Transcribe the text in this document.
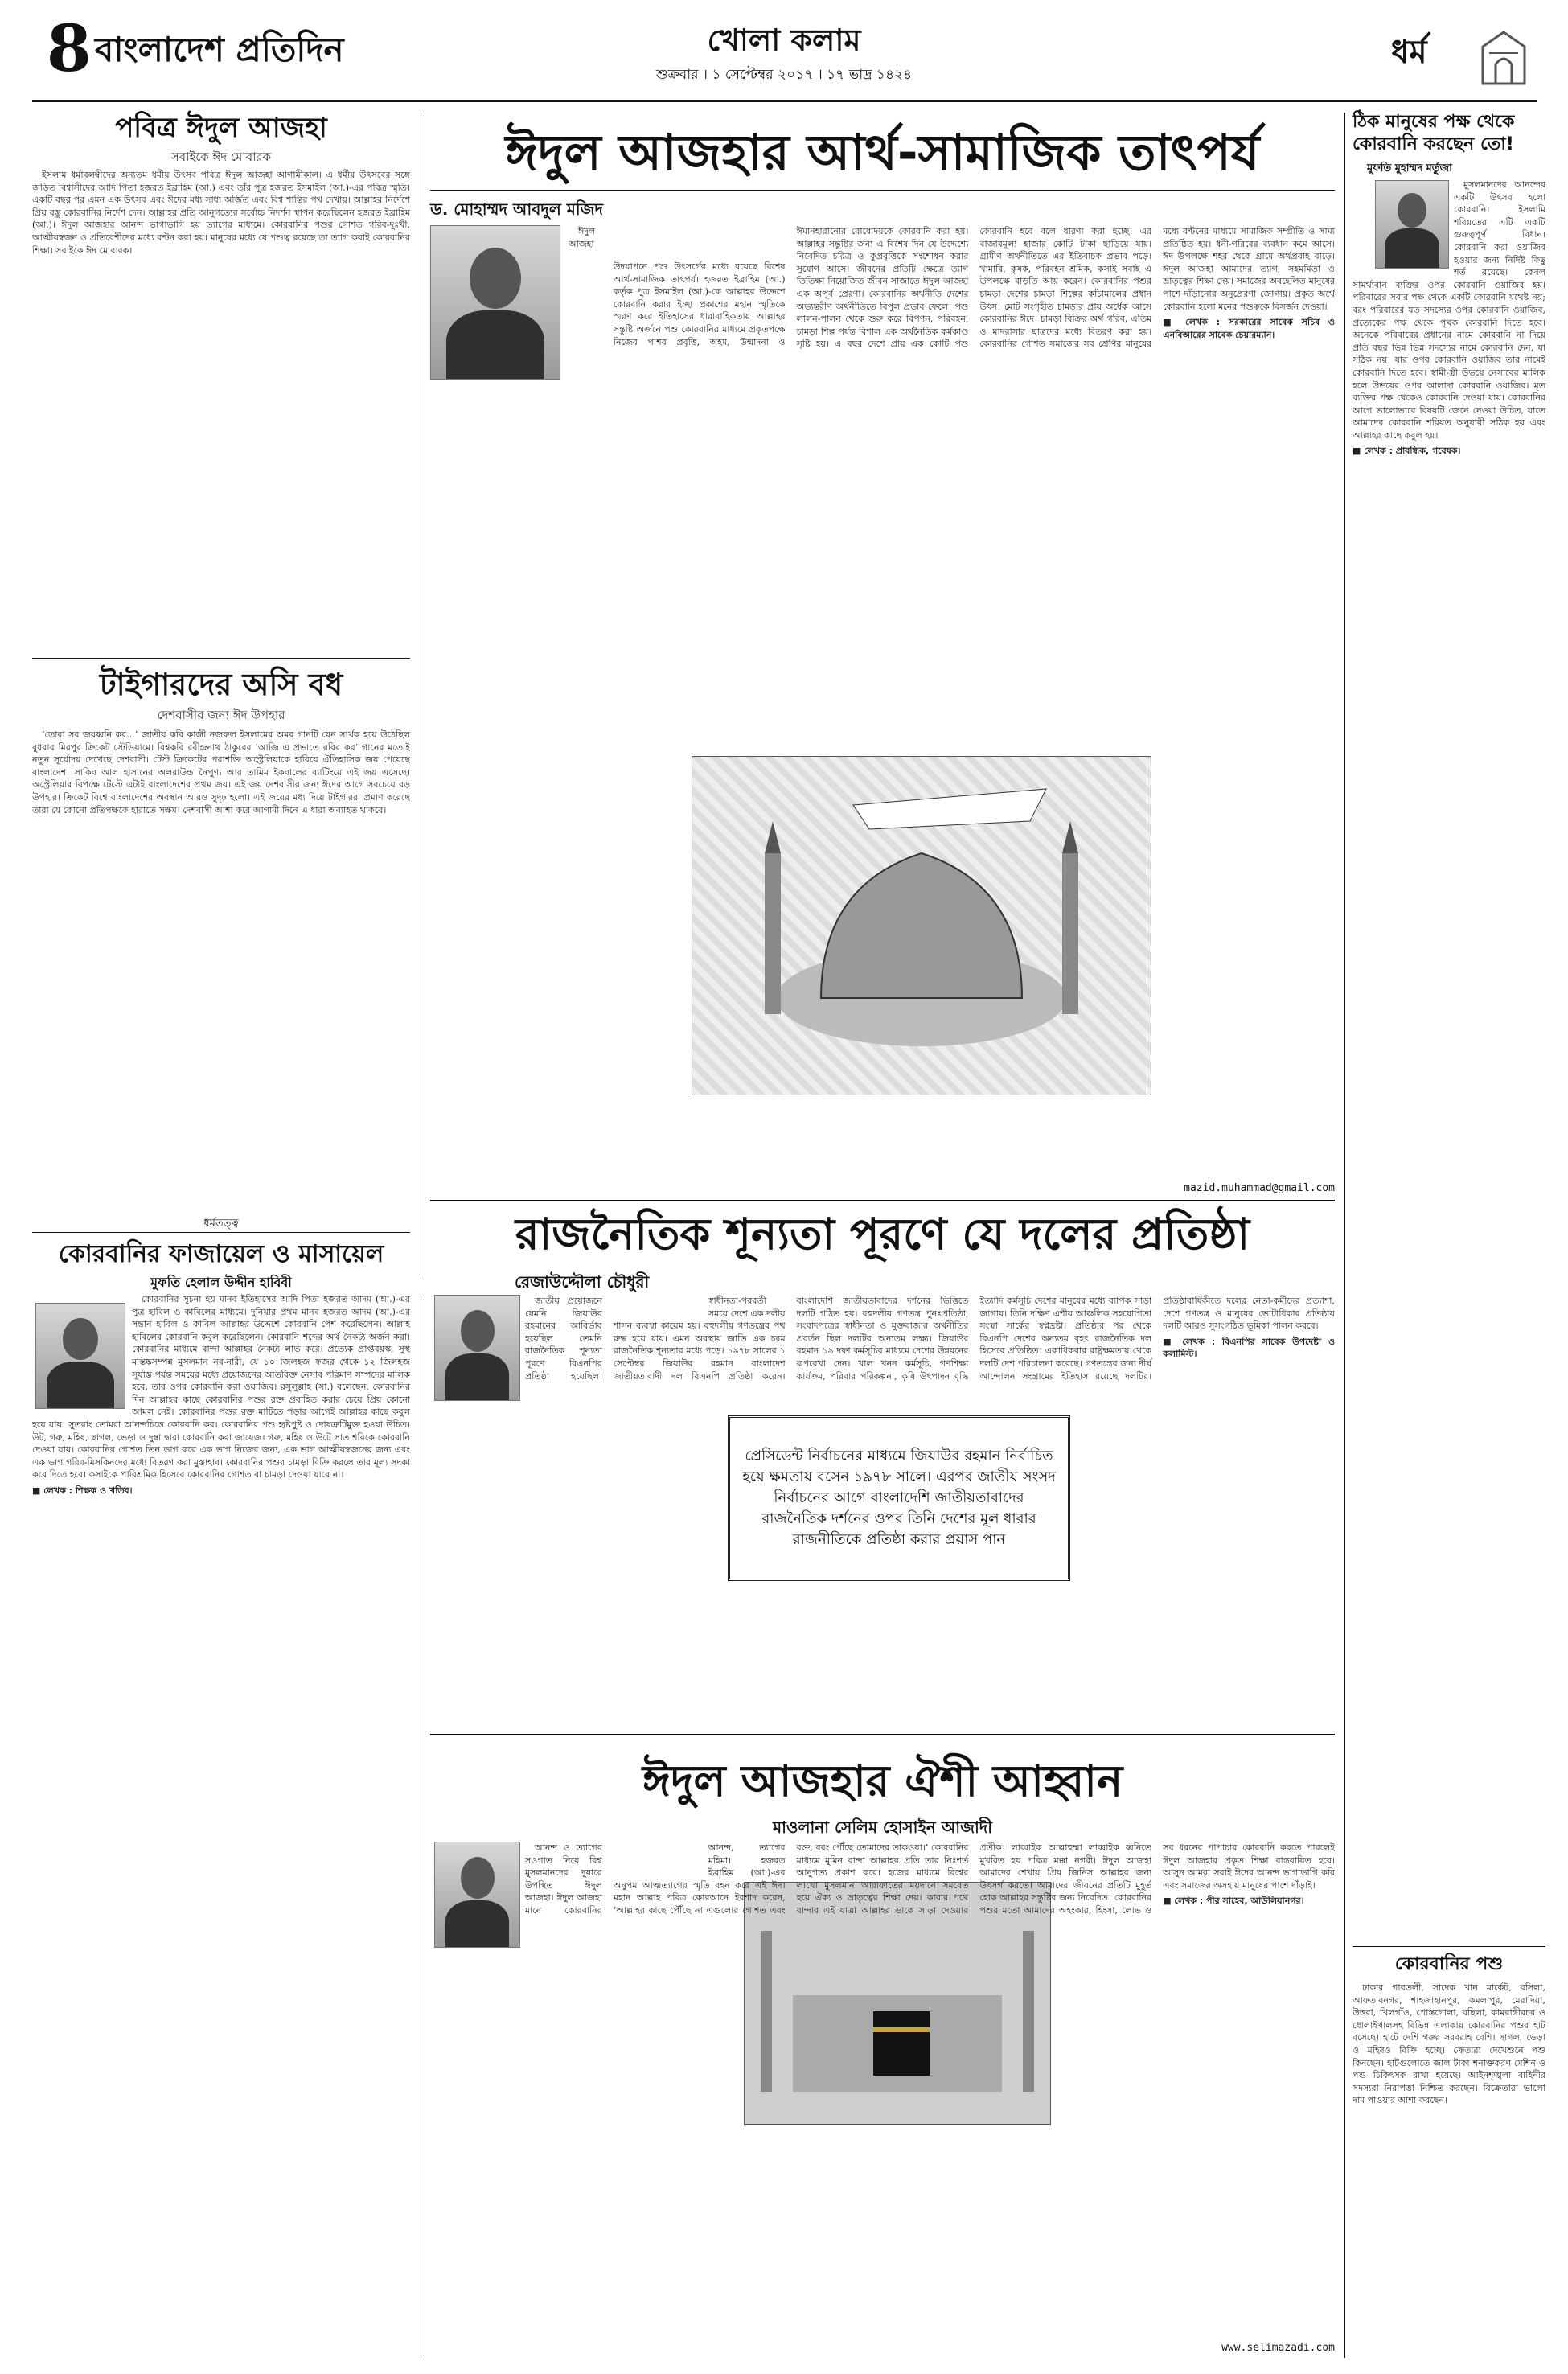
8 বাংলাদেশ প্রতিদিন	খোলা কলাম
শুক্রবার । ১ সেপ্টেম্বর ২০১৭ । ১৭ ভাদ্র ১৪২৪
ধর্ম
পবিত্র ঈদুল আজহা
সবাইকে ঈদ মোবারক

ইসলাম ধর্মাবলম্বীদের অন্যতম ধর্মীয় উৎসব পবিত্র ঈদুল আজহা আগামীকাল। এ ধর্মীয় উৎসবের সঙ্গে জড়িত বিশ্বাসীদের আদি পিতা হজরত ইব্রাহিম (আ.) এবং তাঁর পুত্র হজরত ইসমাইল (আ.)-এর পবিত্র স্মৃতি। একটি বছর পর এমন এক উৎসব এবং ঈদের মধ্য সাধ্য অর্জিত এবং বিশ্ব শান্তির পথ দেখায়। আল্লাহর নির্দেশে প্রিয় বস্তু কোরবানির নির্দেশ দেন। আল্লাহর প্রতি আনুগত্যের সর্বোচ্চ নিদর্শন স্থাপন করেছিলেন হজরত ইব্রাহিম (আ.)। ঈদুল আজহার আনন্দ ভাগাভাগি হয় ত্যাগের মাধ্যমে। কোরবানির পশুর গোশত গরিব-দুঃখী, আত্মীয়স্বজন ও প্রতিবেশীদের মধ্যে বণ্টন করা হয়। মানুষের মধ্যে যে পশুত্ব রয়েছে তা ত্যাগ করাই কোরবানির শিক্ষা। সবাইকে ঈদ মোবারক।

টাইগারদের অসি বধ
দেশবাসীর জন্য ঈদ উপহার

‘তোরা সব জয়ধ্বনি কর...’ জাতীয় কবি কাজী নজরুল ইসলামের অমর গানটি যেন সার্থক হয়ে উঠেছিল বুধবার মিরপুর ক্রিকেট স্টেডিয়ামে। বিশ্বকবি রবীন্দ্রনাথ ঠাকুরের ‘আজি এ প্রভাতে রবির কর’ গানের মতোই নতুন সূর্যোদয় দেখেছে দেশবাসী। টেস্ট ক্রিকেটের পরাশক্তি অস্ট্রেলিয়াকে হারিয়ে ঐতিহাসিক জয় পেয়েছে বাংলাদেশ। সাকিব আল হাসানের অলরাউন্ড নৈপুণ্য আর তামিম ইকবালের ব্যাটিংয়ে এই জয় এসেছে। অস্ট্রেলিয়ার বিপক্ষে টেস্টে এটাই বাংলাদেশের প্রথম জয়। এই জয় দেশবাসীর জন্য ঈদের আগে সবচেয়ে বড় উপহার। ক্রিকেট বিশ্বে বাংলাদেশের অবস্থান আরও সুদৃঢ় হলো। এই জয়ের মধ্য দিয়ে টাইগাররা প্রমাণ করেছে তারা যে কোনো প্রতিপক্ষকে হারাতে সক্ষম। দেশবাসী আশা করে আগামী দিনে এ ধারা অব্যাহত থাকবে।

ধর্মতত্ত্ব
কোরবানির ফাজায়েল ও মাসায়েল
মুফতি হেলাল উদ্দীন হাবিবী

কোরবানির সূচনা হয় মানব ইতিহাসের আদি পিতা হজরত আদম (আ.)-এর পুত্র হাবিল ও কাবিলের মাধ্যমে। দুনিয়ার প্রথম মানব হজরত আদম (আ.)-এর সন্তান হাবিল ও কাবিল আল্লাহর উদ্দেশে কোরবানি পেশ করেছিলেন। আল্লাহ হাবিলের কোরবানি কবুল করেছিলেন। কোরবানি শব্দের অর্থ নৈকট্য অর্জন করা। কোরবানির মাধ্যমে বান্দা আল্লাহর নৈকট্য লাভ করে। প্রত্যেক প্রাপ্তবয়স্ক, সুস্থ মস্তিষ্কসম্পন্ন মুসলমান নর-নারী, যে ১০ জিলহজ ফজর থেকে ১২ জিলহজ সূর্যাস্ত পর্যন্ত সময়ের মধ্যে প্রয়োজনের অতিরিক্ত নেসাব পরিমাণ সম্পদের মালিক হবে, তার ওপর কোরবানি করা ওয়াজিব। রসুলুল্লাহ (সা.) বলেছেন, কোরবানির দিন আল্লাহর কাছে কোরবানির পশুর রক্ত প্রবাহিত করার চেয়ে প্রিয় কোনো আমল নেই। কোরবানির পশুর রক্ত মাটিতে পড়ার আগেই আল্লাহর কাছে কবুল হয়ে যায়। সুতরাং তোমরা আনন্দচিত্তে কোরবানি কর। কোরবানির পশু হৃষ্টপুষ্ট ও দোষত্রুটিমুক্ত হওয়া উচিত। উট, গরু, মহিষ, ছাগল, ভেড়া ও দুম্বা দ্বারা কোরবানি করা জায়েজ। গরু, মহিষ ও উটে সাত শরিকে কোরবানি দেওয়া যায়। কোরবানির গোশত তিন ভাগ করে এক ভাগ নিজের জন্য, এক ভাগ আত্মীয়স্বজনের জন্য এবং এক ভাগ গরিব-মিসকিনদের মধ্যে বিতরণ করা মুস্তাহাব। কোরবানির পশুর চামড়া বিক্রি করলে তার মূল্য সদকা করে দিতে হবে। কসাইকে পারিশ্রমিক হিসেবে কোরবানির গোশত বা চামড়া দেওয়া যাবে না।

■ লেখক : শিক্ষক ও খতিব।
ঈদুল আজহার আর্থ-সামাজিক তাৎপর্য
ড. মোহাম্মদ আবদুল মজিদ

ঈদুল আজহা উদযাপনে পশু উৎসর্গের মধ্যে রয়েছে বিশেষ আর্থ-সামাজিক তাৎপর্য। হজরত ইব্রাহিম (আ.) কর্তৃক পুত্র ইসমাইল (আ.)-কে আল্লাহর উদ্দেশে কোরবানি করার ইচ্ছা প্রকাশের মহান স্মৃতিকে স্মরণ করে ইতিহাসের ধারাবাহিকতায় আল্লাহর সন্তুষ্টি অর্জনে পশু কোরবানির মাধ্যমে প্রকৃতপক্ষে নিজের পাশব প্রবৃত্তি, অহম, উন্মাদনা ও ঈমানহারানোর বোধোদয়কে কোরবানি করা হয়। আল্লাহর সন্তুষ্টির জন্য এ বিশেষ দিন যে উদ্দেশ্যে নিবেদিত চরিত্র ও কুপ্রবৃত্তিকে সংশোধন করার সুযোগ আসে। জীবনের প্রতিটি ক্ষেত্রে ত্যাগ তিতিক্ষা নিয়োজিত জীবন সাজাতে ঈদুল আজহা এক অপূর্ব প্রেরণা। কোরবানির অর্থনীতি দেশের অভ্যন্তরীণ অর্থনীতিতে বিপুল প্রভাব ফেলে। পশু লালন-পালন থেকে শুরু করে বিপণন, পরিবহন, চামড়া শিল্প পর্যন্ত বিশাল এক অর্থনৈতিক কর্মকাণ্ড সৃষ্টি হয়। এ বছর দেশে প্রায় এক কোটি পশু কোরবানি হবে বলে ধারণা করা হচ্ছে। এর বাজারমূল্য হাজার কোটি টাকা ছাড়িয়ে যায়। গ্রামীণ অর্থনীতিতে এর ইতিবাচক প্রভাব পড়ে। খামারি, কৃষক, পরিবহন শ্রমিক, কসাই সবাই এ উপলক্ষে বাড়তি আয় করেন। কোরবানির পশুর চামড়া দেশের চামড়া শিল্পের কাঁচামালের প্রধান উৎস। মোট সংগৃহীত চামড়ার প্রায় অর্ধেক আসে কোরবানির ঈদে। চামড়া বিক্রির অর্থ গরিব, এতিম ও মাদরাসার ছাত্রদের মধ্যে বিতরণ করা হয়। কোরবানির গোশত সমাজের সব শ্রেণির মানুষের মধ্যে বণ্টনের মাধ্যমে সামাজিক সম্প্রীতি ও সাম্য প্রতিষ্ঠিত হয়। ধনী-গরিবের ব্যবধান কমে আসে। ঈদ উপলক্ষে শহর থেকে গ্রামে অর্থপ্রবাহ বাড়ে। ঈদুল আজহা আমাদের ত্যাগ, সহমর্মিতা ও ভ্রাতৃত্বের শিক্ষা দেয়। সমাজের অবহেলিত মানুষের পাশে দাঁড়ানোর অনুপ্রেরণা জোগায়। প্রকৃত অর্থে কোরবানি হলো মনের পশুত্বকে বিসর্জন দেওয়া।

■ লেখক : সরকারের সাবেক সচিব ও এনবিআরের সাবেক চেয়ারম্যান।
mazid.muhammad@gmail.com
রাজনৈতিক শূন্যতা পূরণে যে দলের প্রতিষ্ঠা
রেজাউদ্দৌলা চৌধুরী
প্রেসিডেন্ট নির্বাচনের মাধ্যমে জিয়াউর রহমান নির্বাচিত হয়ে ক্ষমতায় বসেন ১৯৭৮ সালে। এরপর জাতীয় সংসদ নির্বাচনের আগে বাংলাদেশি জাতীয়তাবাদের রাজনৈতিক দর্শনের ওপর তিনি দেশের মূল ধারার রাজনীতিকে প্রতিষ্ঠা করার প্রয়াস পান

জাতীয় প্রয়োজনে যেমনি জিয়াউর রহমানের আবির্ভাব হয়েছিল তেমনি রাজনৈতিক শূন্যতা পূরণে বিএনপির প্রতিষ্ঠা হয়েছিল। স্বাধীনতা-পরবর্তী সময়ে দেশে এক দলীয় শাসন ব্যবস্থা কায়েম হয়। বহুদলীয় গণতন্ত্রের পথ রুদ্ধ হয়ে যায়। এমন অবস্থায় জাতি এক চরম রাজনৈতিক শূন্যতার মধ্যে পড়ে। ১৯৭৮ সালের ১ সেপ্টেম্বর জিয়াউর রহমান বাংলাদেশ জাতীয়তাবাদী দল বিএনপি প্রতিষ্ঠা করেন। বাংলাদেশি জাতীয়তাবাদের দর্শনের ভিত্তিতে দলটি গঠিত হয়। বহুদলীয় গণতন্ত্র পুনঃপ্রতিষ্ঠা, সংবাদপত্রের স্বাধীনতা ও মুক্তবাজার অর্থনীতির প্রবর্তন ছিল দলটির অন্যতম লক্ষ্য। জিয়াউর রহমান ১৯ দফা কর্মসূচির মাধ্যমে দেশের উন্নয়নের রূপরেখা দেন। খাল খনন কর্মসূচি, গণশিক্ষা কার্যক্রম, পরিবার পরিকল্পনা, কৃষি উৎপাদন বৃদ্ধি ইত্যাদি কর্মসূচি দেশের মানুষের মধ্যে ব্যাপক সাড়া জাগায়। তিনি দক্ষিণ এশীয় আঞ্চলিক সহযোগিতা সংস্থা সার্কের স্বপ্নদ্রষ্টা। প্রতিষ্ঠার পর থেকে বিএনপি দেশের অন্যতম বৃহৎ রাজনৈতিক দল হিসেবে প্রতিষ্ঠিত। একাধিকবার রাষ্ট্রক্ষমতায় থেকে দলটি দেশ পরিচালনা করেছে। গণতন্ত্রের জন্য দীর্ঘ আন্দোলন সংগ্রামের ইতিহাস রয়েছে দলটির। প্রতিষ্ঠাবার্ষিকীতে দলের নেতা-কর্মীদের প্রত্যাশা, দেশে গণতন্ত্র ও মানুষের ভোটাধিকার প্রতিষ্ঠায় দলটি আরও সুসংগঠিত ভূমিকা পালন করবে।

■ লেখক : বিএনপির সাবেক উপদেষ্টা ও কলামিস্ট।
ঈদুল আজহার ঐশী আহ্বান
মাওলানা সেলিম হোসাইন আজাদী

আনন্দ ও ত্যাগের সওগাত নিয়ে বিশ্ব মুসলমানদের দুয়ারে উপস্থিত ঈদুল আজহা। ঈদুল আজহা মানে কোরবানির আনন্দ, ত্যাগের মহিমা। হজরত ইব্রাহিম (আ.)-এর অনুপম আত্মত্যাগের স্মৃতি বহন করে এই ঈদ। মহান আল্লাহ পবিত্র কোরআনে ইরশাদ করেন, ‘আল্লাহর কাছে পৌঁছে না এগুলোর গোশত এবং রক্ত, বরং পৌঁছে তোমাদের তাকওয়া।’ কোরবানির মাধ্যমে মুমিন বান্দা আল্লাহর প্রতি তার নিঃশর্ত আনুগত্য প্রকাশ করে। হজের মাধ্যমে বিশ্বের লাখো মুসলমান আরাফাতের ময়দানে সমবেত হয়ে ঐক্য ও ভ্রাতৃত্বের শিক্ষা দেয়। কাবার পথে বান্দার এই যাত্রা আল্লাহর ডাকে সাড়া দেওয়ার প্রতীক। লাব্বাইক আল্লাহুম্মা লাব্বাইক ধ্বনিতে মুখরিত হয় পবিত্র মক্কা নগরী। ঈদুল আজহা আমাদের শেখায় প্রিয় জিনিস আল্লাহর জন্য উৎসর্গ করতে। আমাদের জীবনের প্রতিটি মুহূর্ত হোক আল্লাহর সন্তুষ্টির জন্য নিবেদিত। কোরবানির পশুর মতো আমাদের অহংকার, হিংসা, লোভ ও সব ধরনের পাপাচার কোরবানি করতে পারলেই ঈদুল আজহার প্রকৃত শিক্ষা বাস্তবায়িত হবে। আসুন আমরা সবাই ঈদের আনন্দ ভাগাভাগি করি এবং সমাজের অসহায় মানুষের পাশে দাঁড়াই।

■ লেখক : পীর সাহেব, আউলিয়ানগর।
www.selimazadi.com
ঠিক মানুষের পক্ষ থেকে কোরবানি করছেন তো!
মুফতি মুহাম্মদ মর্তুজা

মুসলমানদের আনন্দের একটি উৎসব হলো কোরবানি। ইসলামি শরিয়তের এটি একটি গুরুত্বপূর্ণ বিধান। কোরবানি করা ওয়াজিব হওয়ার জন্য নির্দিষ্ট কিছু শর্ত রয়েছে। কেবল সামর্থ্যবান ব্যক্তির ওপর কোরবানি ওয়াজিব হয়। পরিবারের সবার পক্ষ থেকে একটি কোরবানি যথেষ্ট নয়; বরং পরিবারের যত সদস্যের ওপর কোরবানি ওয়াজিব, প্রত্যেকের পক্ষ থেকে পৃথক কোরবানি দিতে হবে। অনেকে পরিবারের প্রধানের নামে কোরবানি না দিয়ে প্রতি বছর ভিন্ন ভিন্ন সদস্যের নামে কোরবানি দেন, যা সঠিক নয়। যার ওপর কোরবানি ওয়াজিব তার নামেই কোরবানি দিতে হবে। স্বামী-স্ত্রী উভয়ে নেসাবের মালিক হলে উভয়ের ওপর আলাদা কোরবানি ওয়াজিব। মৃত ব্যক্তির পক্ষ থেকেও কোরবানি দেওয়া যায়। কোরবানির আগে ভালোভাবে বিষয়টি জেনে নেওয়া উচিত, যাতে আমাদের কোরবানি শরিয়ত অনুযায়ী সঠিক হয় এবং আল্লাহর কাছে কবুল হয়।

■ লেখক : প্রাবন্ধিক, গবেষক।
কোরবানির পশু

ঢাকার গাবতলী, সাদেক খান মার্কেট, বসিলা, আফতাবনগর, শাহজাহানপুর, কমলাপুর, মেরাদিয়া, উত্তরা, খিলগাঁও, পোস্তগোলা, বছিলা, কামরাঙ্গীরচর ও ধোলাইখালসহ বিভিন্ন এলাকায় কোরবানির পশুর হাট বসেছে। হাটে দেশি গরুর সরবরাহ বেশি। ছাগল, ভেড়া ও মহিষও বিক্রি হচ্ছে। ক্রেতারা দেখেশুনে পশু কিনছেন। হাটগুলোতে জাল টাকা শনাক্তকরণ মেশিন ও পশু চিকিৎসক রাখা হয়েছে। আইনশৃঙ্খলা বাহিনীর সদস্যরা নিরাপত্তা নিশ্চিত করছেন। বিক্রেতারা ভালো দাম পাওয়ার আশা করছেন।
